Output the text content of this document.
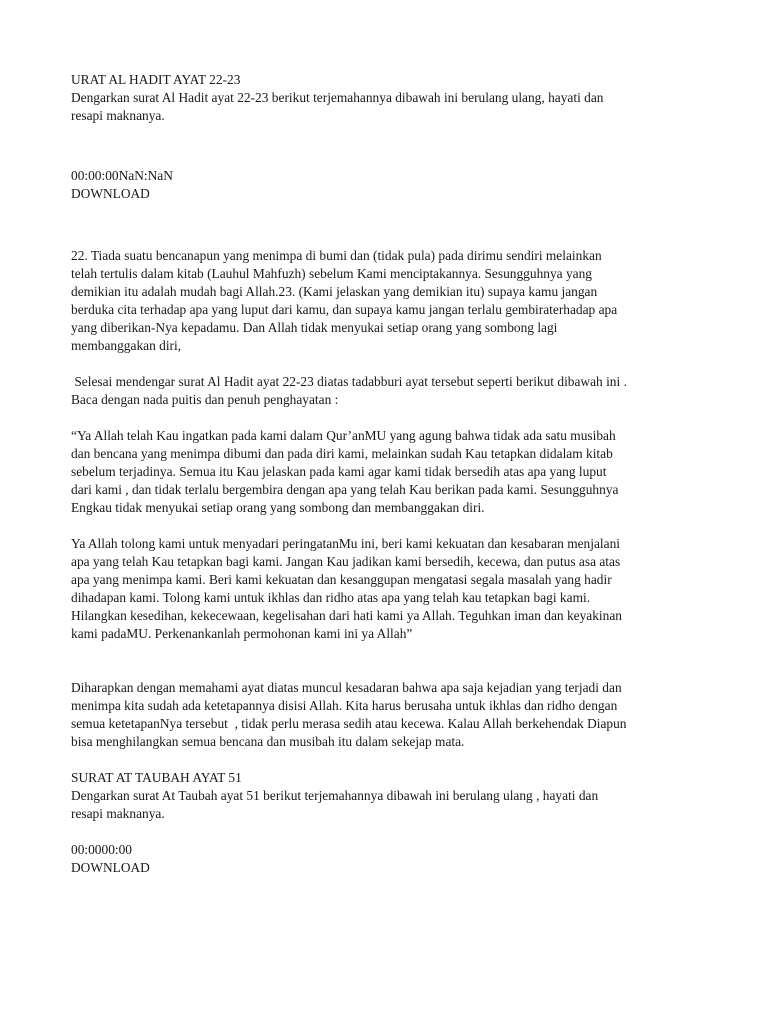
URAT AL HADIT AYAT 22-23
Dengarkan surat Al Hadit ayat 22-23 berikut terjemahannya dibawah ini berulang ulang, hayati dan
resapi maknanya.
00:00:00NaN:NaN
DOWNLOAD
22. Tiada suatu bencanapun yang menimpa di bumi dan (tidak pula) pada dirimu sendiri melainkan
telah tertulis dalam kitab (Lauhul Mahfuzh) sebelum Kami menciptakannya. Sesungguhnya yang
demikian itu adalah mudah bagi Allah.23. (Kami jelaskan yang demikian itu) supaya kamu jangan
berduka cita terhadap apa yang luput dari kamu, dan supaya kamu jangan terlalu gembiraterhadap apa
yang diberikan-Nya kepadamu. Dan Allah tidak menyukai setiap orang yang sombong lagi
membanggakan diri,
Selesai mendengar surat Al Hadit ayat 22-23 diatas tadabburi ayat tersebut seperti berikut dibawah ini .
Baca dengan nada puitis dan penuh penghayatan :
“Ya Allah telah Kau ingatkan pada kami dalam Qur’anMU yang agung bahwa tidak ada satu musibah
dan bencana yang menimpa dibumi dan pada diri kami, melainkan sudah Kau tetapkan didalam kitab
sebelum terjadinya. Semua itu Kau jelaskan pada kami agar kami tidak bersedih atas apa yang luput
dari kami , dan tidak terlalu bergembira dengan apa yang telah Kau berikan pada kami. Sesungguhnya
Engkau tidak menyukai setiap orang yang sombong dan membanggakan diri.
Ya Allah tolong kami untuk menyadari peringatanMu ini, beri kami kekuatan dan kesabaran menjalani
apa yang telah Kau tetapkan bagi kami. Jangan Kau jadikan kami bersedih, kecewa, dan putus asa atas
apa yang menimpa kami. Beri kami kekuatan dan kesanggupan mengatasi segala masalah yang hadir
dihadapan kami. Tolong kami untuk ikhlas dan ridho atas apa yang telah kau tetapkan bagi kami.
Hilangkan kesedihan, kekecewaan, kegelisahan dari hati kami ya Allah. Teguhkan iman dan keyakinan
kami padaMU. Perkenankanlah permohonan kami ini ya Allah”
Diharapkan dengan memahami ayat diatas muncul kesadaran bahwa apa saja kejadian yang terjadi dan
menimpa kita sudah ada ketetapannya disisi Allah. Kita harus berusaha untuk ikhlas dan ridho dengan
semua ketetapanNya tersebut  , tidak perlu merasa sedih atau kecewa. Kalau Allah berkehendak Diapun
bisa menghilangkan semua bencana dan musibah itu dalam sekejap mata.
SURAT AT TAUBAH AYAT 51
Dengarkan surat At Taubah ayat 51 berikut terjemahannya dibawah ini berulang ulang , hayati dan
resapi maknanya.
00:0000:00
DOWNLOAD
